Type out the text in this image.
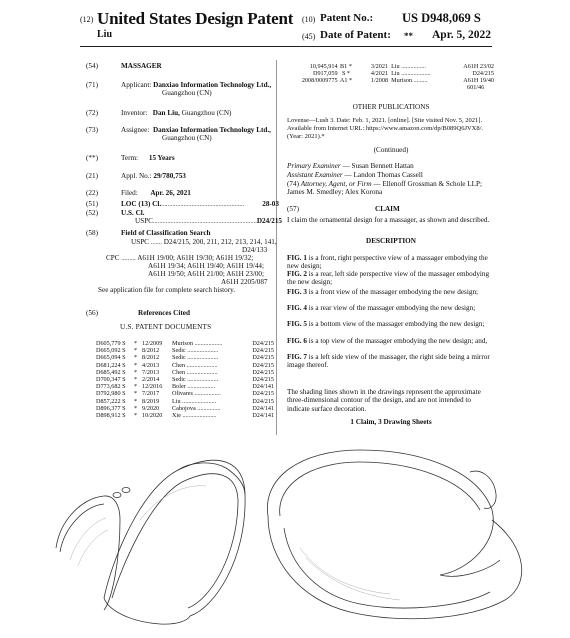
(12) United States Design Patent
Liu
(10) Patent No.: US D948,069 S
(45) Date of Patent: ** Apr. 5, 2022
(54)	MASSAGER
(71)	Applicant: Danxiao Information Technology Ltd.,
Guangzhou (CN)
(72)	Inventor: Dan Liu, Guangzhou (CN)
(73)	Assignee: Danxiao Information Technology Ltd.,
Guangzhou (CN)
(**)	Term: 15 Years
(21)	Appl. No.: 29/780,753
(22)	Filed: Apr. 26, 2021
(51)	LOC (13) Cl.....................................................	28-03
(52)	U.S. Cl.
USPC................................................................. D24/215
(58)	Field of Classification Search
USPC ....... D24/215, 200, 211, 212, 213, 214, 141,
D24/133
CPC ......... A61H 19/00; A61H 19/30; A61H 19/32;
A61H 19/34; A61H 19/40; A61H 19/44;
A61H 19/50; A61H 21/00; A61H 23/00;
A61H 2205/087
See application file for complete search history.
(56)	References Cited
U.S. PATENT DOCUMENTS
D605,779 S	* 12/2009	Murison ..................	D24/215
D665,092 S	* 8/2012	Sedic ....................	D24/215
D665,094 S	* 8/2012	Sedic ....................	D24/215
D681,224 S	* 4/2013	Chen ....................	D24/215
D685,492 S	* 7/2013	Chen ....................	D24/215
D700,347 S	* 2/2014	Sedic ....................	D24/215
D773,682 S	* 12/2016	Boler ..................	D24/141
D792,980 S	* 7/2017	Olivares .................	D24/215
D857,222 S	* 8/2019	Liu ......................	D24/215
D896,377 S	* 9/2020	Cahojova ...............	D24/141
D898,912 S	* 10/2020	Xie ......................	D24/141
10,945,914 B1 *	3/2021 Liu ................	A61H 23/02
D917,059 S *	4/2021 Liu ...................	D24/215
2008/0009775 A1 *	1/2008 Murison .........	A61H 19/40
601/46
OTHER PUBLICATIONS
Lovense—Lush 3. Date: Feb. 1, 2021. [online]. [Site visited Nov. 5, 2021]. Available from Internet URL: https://www.amazon.com/dp/B089Q6JVX8/. (Year: 2021).*
(Continued)
Primary Examiner — Susan Bennett Hattan
Assistant Examiner — Landon Thomas Cassell
(74) Attorney, Agent, or Firm — Ellenoff Grossman & Schole LLP; James M. Smedley; Alex Korona
(57)	CLAIM
I claim the ornamental design for a massager, as shown and described.
DESCRIPTION
FIG. 1 is a front, right perspective view of a massager embodying the new design;
FIG. 2 is a rear, left side perspective view of the massager embodying the new design;
FIG. 3 is a front view of the massager embodying the new design;
FIG. 4 is a rear view of the massager embodying the new design;
FIG. 5 is a bottom view of the massager embodying the new design;
FIG. 6 is a top view of the massager embodying the new design; and,
FIG. 7 is a left side view of the massager, the right side being a mirror image thereof.
The shading lines shown in the drawings represent the approximate three-dimensional contour of the design, and are not intended to indicate surface decoration.
1 Claim, 3 Drawing Sheets
